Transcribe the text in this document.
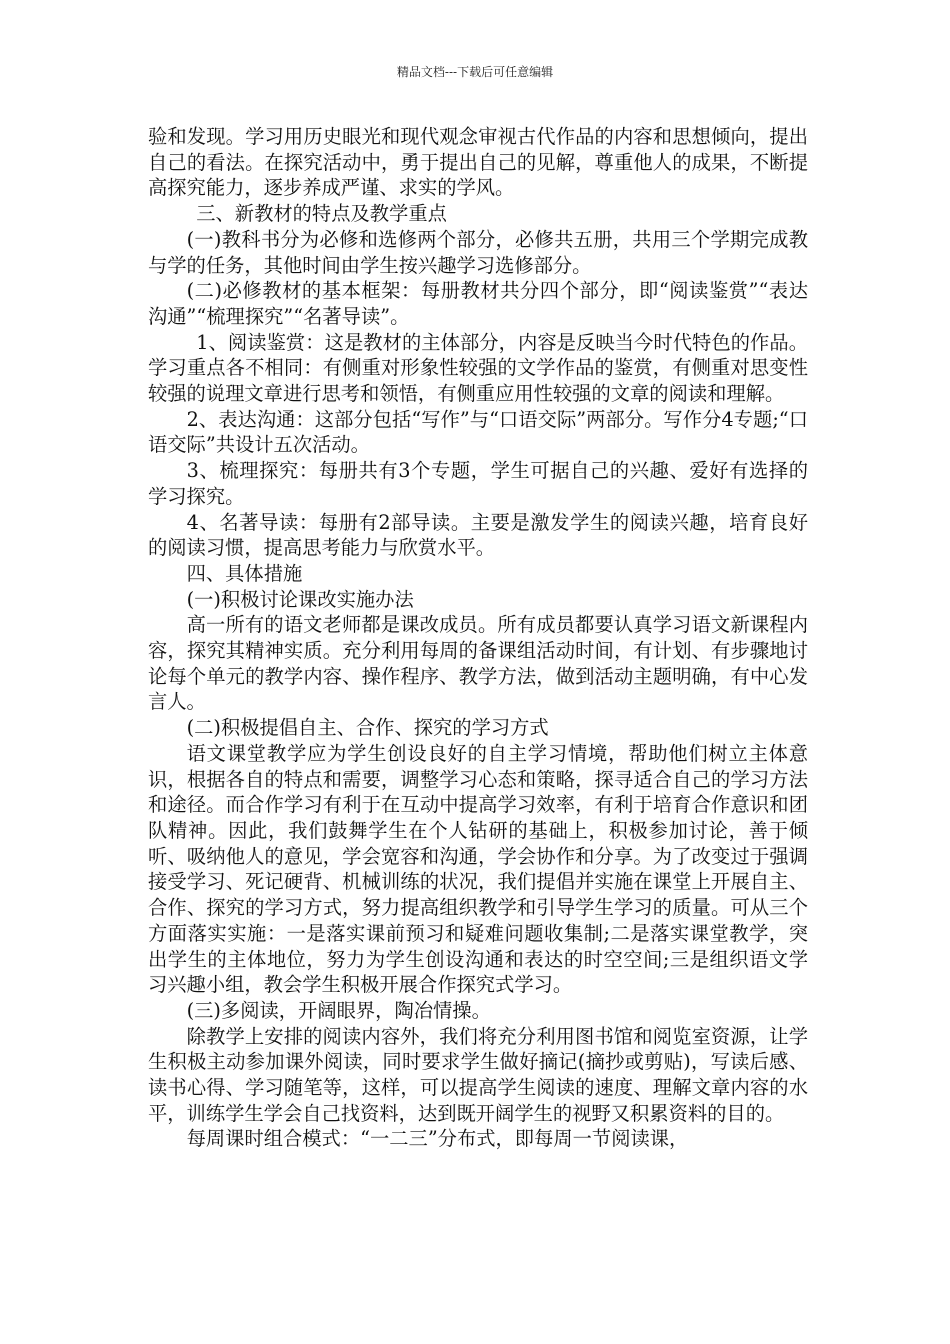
精品文档---下载后可任意编辑

验和发现。学习用历史眼光和现代观念审视古代作品的内容和思想倾向，提出自己的看法。在探究活动中，勇于提出自己的见解，尊重他人的成果，不断提高探究能力，逐步养成严谨、求实的学风。

三、新教材的特点及教学重点

(一)教科书分为必修和选修两个部分，必修共五册，共用三个学期完成教与学的任务，其他时间由学生按兴趣学习选修部分。

(二)必修教材的基本框架：每册教材共分四个部分，即“阅读鉴赏”“表达沟通”“梳理探究”“名著导读”。

1、阅读鉴赏：这是教材的主体部分，内容是反映当今时代特色的作品。学习重点各不相同：有侧重对形象性较强的文学作品的鉴赏，有侧重对思变性较强的说理文章进行思考和领悟，有侧重应用性较强的文章的阅读和理解。

2、表达沟通：这部分包括“写作”与“口语交际”两部分。写作分4专题;“口语交际”共设计五次活动。

3、梳理探究：每册共有3个专题，学生可据自己的兴趣、爱好有选择的学习探究。

4、名著导读：每册有2部导读。主要是激发学生的阅读兴趣，培育良好的阅读习惯，提高思考能力与欣赏水平。

四、具体措施

(一)积极讨论课改实施办法

高一所有的语文老师都是课改成员。所有成员都要认真学习语文新课程内容，探究其精神实质。充分利用每周的备课组活动时间，有计划、有步骤地讨论每个单元的教学内容、操作程序、教学方法，做到活动主题明确，有中心发言人。

(二)积极提倡自主、合作、探究的学习方式

语文课堂教学应为学生创设良好的自主学习情境，帮助他们树立主体意识，根据各自的特点和需要，调整学习心态和策略，探寻适合自己的学习方法和途径。而合作学习有利于在互动中提高学习效率，有利于培育合作意识和团队精神。因此，我们鼓舞学生在个人钻研的基础上，积极参加讨论，善于倾听、吸纳他人的意见，学会宽容和沟通，学会协作和分享。为了改变过于强调接受学习、死记硬背、机械训练的状况，我们提倡并实施在课堂上开展自主、合作、探究的学习方式，努力提高组织教学和引导学生学习的质量。可从三个方面落实实施：一是落实课前预习和疑难问题收集制;二是落实课堂教学，突出学生的主体地位，努力为学生创设沟通和表达的时空空间;三是组织语文学习兴趣小组，教会学生积极开展合作探究式学习。

(三)多阅读，开阔眼界，陶冶情操。

除教学上安排的阅读内容外，我们将充分利用图书馆和阅览室资源，让学生积极主动参加课外阅读，同时要求学生做好摘记(摘抄或剪贴)，写读后感、读书心得、学习随笔等，这样，可以提高学生阅读的速度、理解文章内容的水平，训练学生学会自己找资料，达到既开阔学生的视野又积累资料的目的。

每周课时组合模式：“一二三”分布式，即每周一节阅读课，
